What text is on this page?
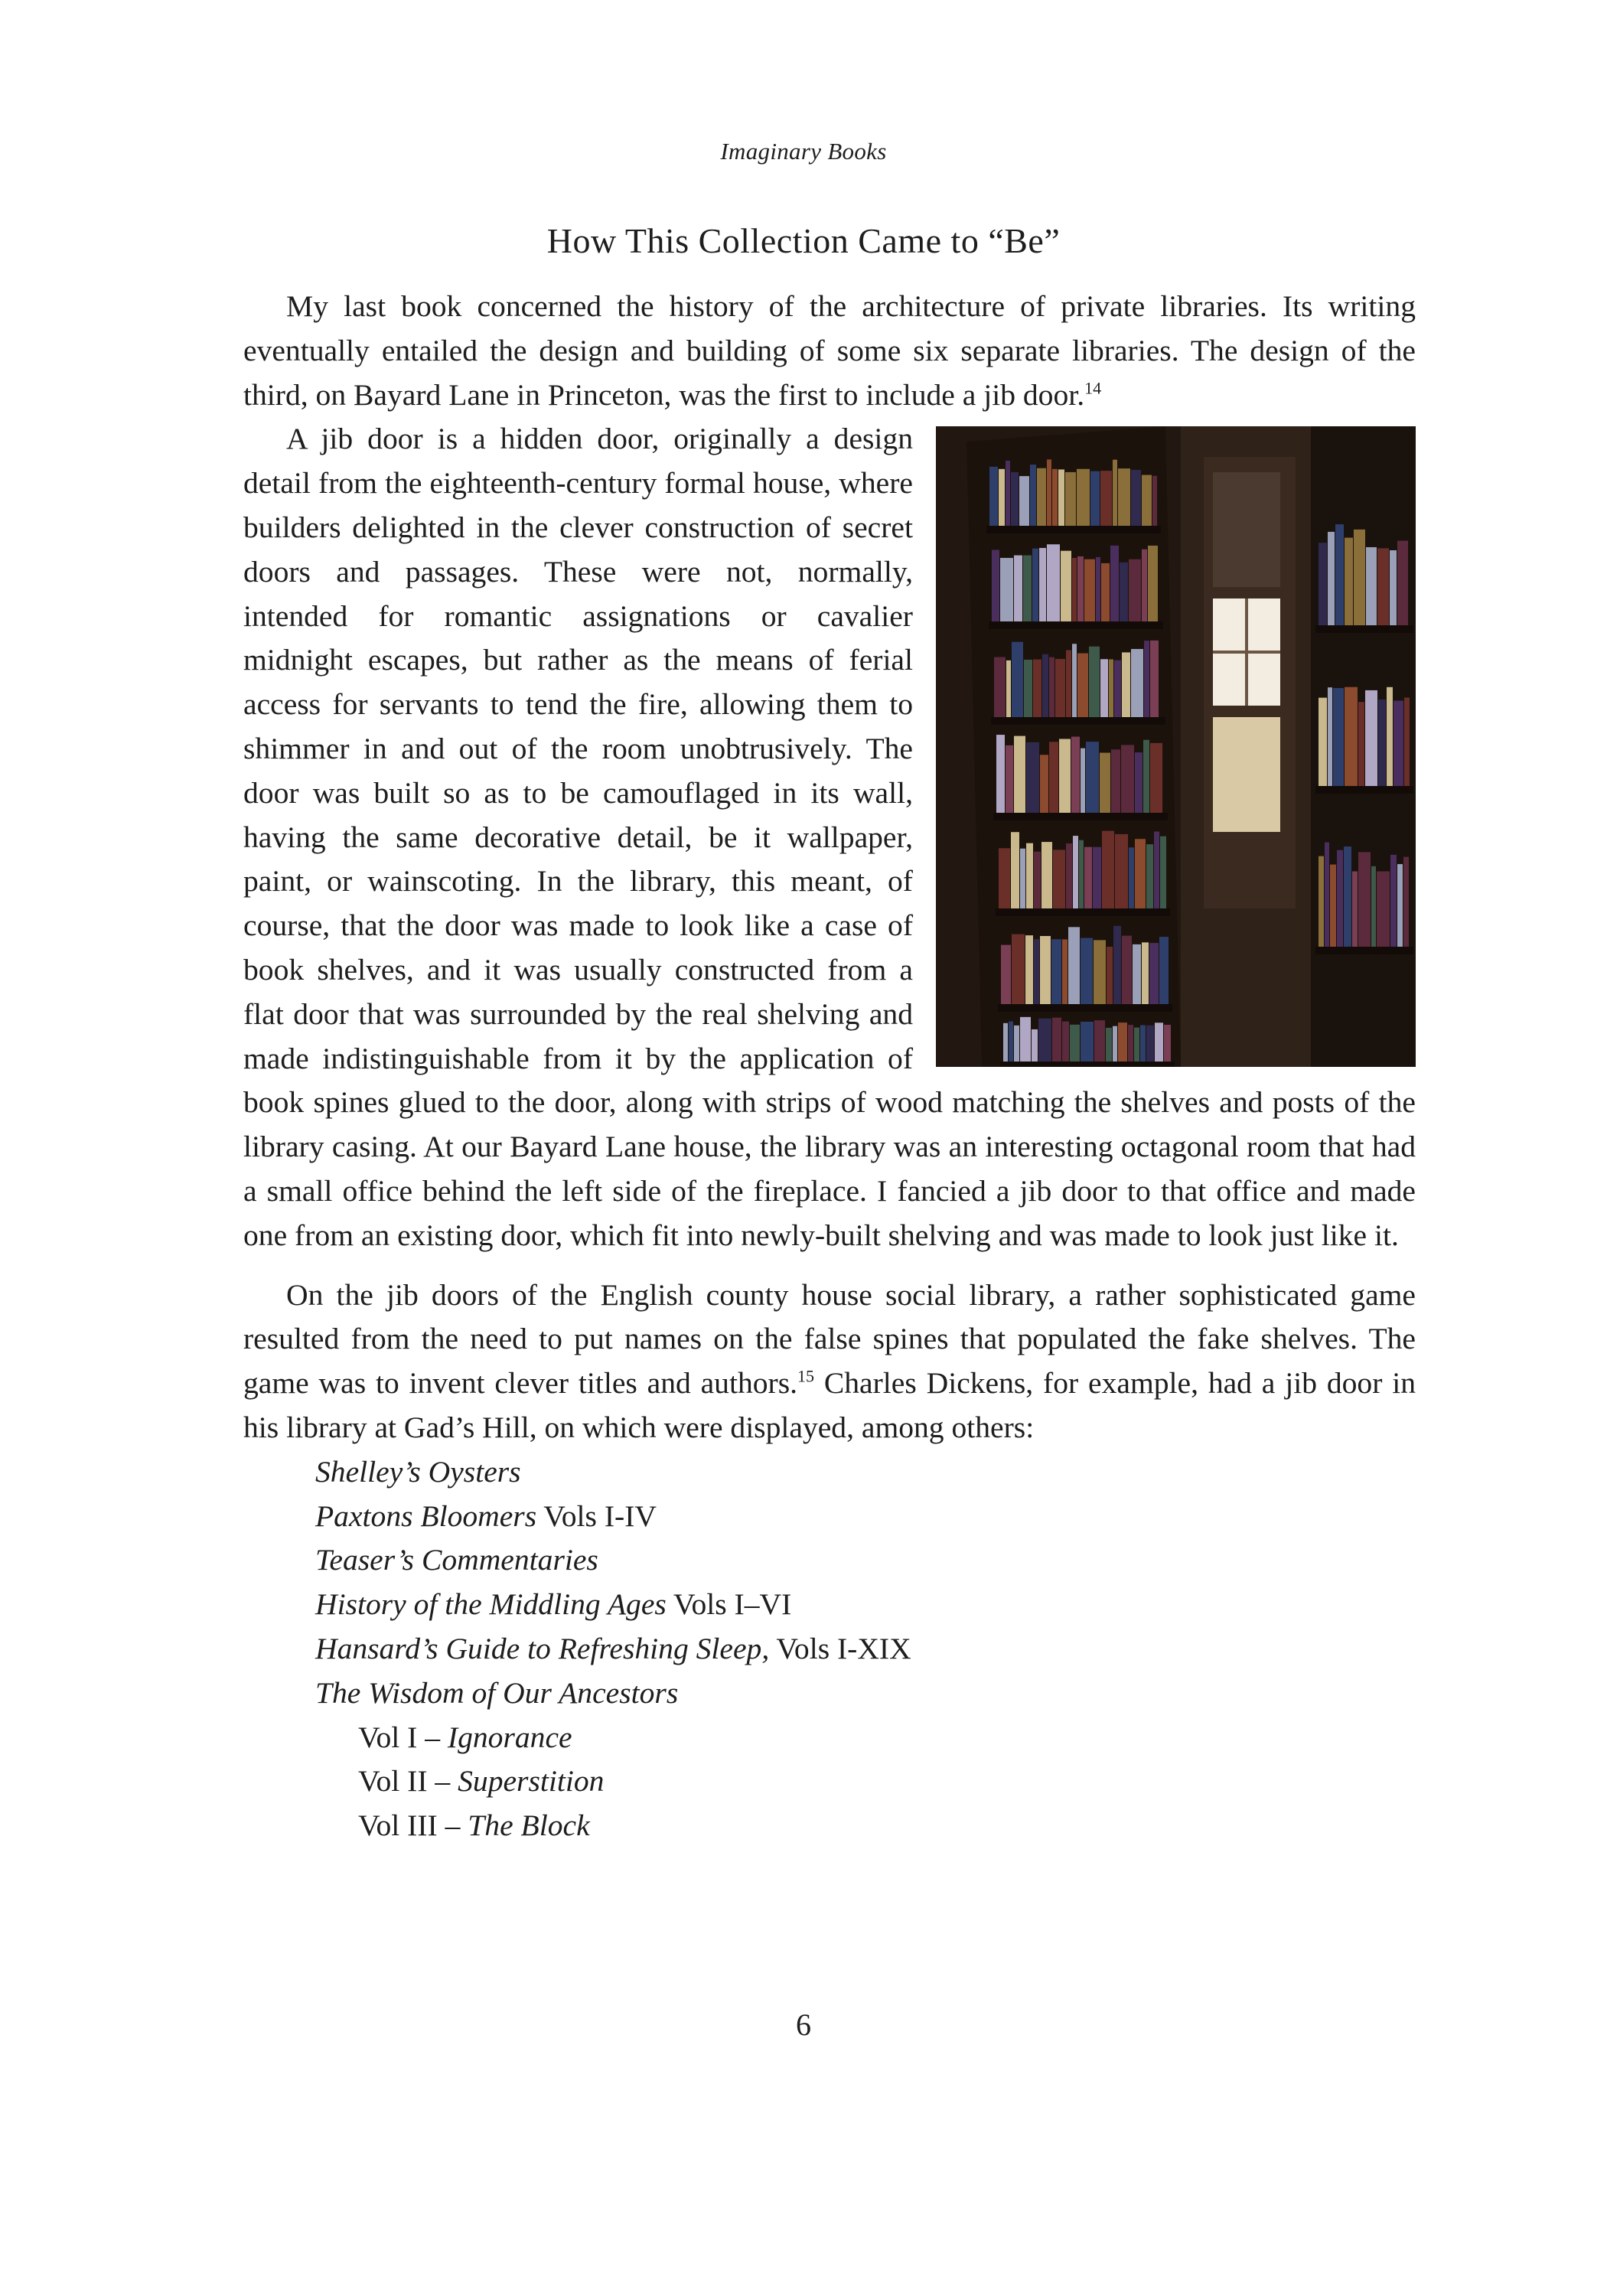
Imaginary Books
How This Collection Came to “Be”

My last book concerned the history of the architecture of private libraries. Its writing eventually entailed the design and building of some six separate libraries. The design of the third, on Bayard Lane in Princeton, was the first to include a jib door.$^{14}$

A jib door is a hidden door, originally a design detail from the eighteenth-century formal house, where builders delighted in the clever construction of secret doors and passages. These were not, normally, intended for romantic assignations or cavalier midnight escapes, but rather as the means of ferial access for servants to tend the fire, allowing them to shimmer in and out of the room unobtrusively. The door was built so as to be camouflaged in its wall, having the same decorative detail, be it wallpaper, paint, or wainscoting. In the library, this meant, of course, that the door was made to look like a case of book shelves, and it was usually constructed from a flat door that was surrounded by the real shelving and made indistinguishable from it by the application of book spines glued to the door, along with strips of wood matching the shelves and posts of the library casing. At our Bayard Lane house, the library was an interesting octagonal room that had a small office behind the left side of the fireplace. I fancied a jib door to that office and made one from an existing door, which fit into newly-built shelving and was made to look just like it.

On the jib doors of the English county house social library, a rather sophisticated game resulted from the need to put names on the false spines that populated the fake shelves. The game was to invent clever titles and authors.$^{15}$ Charles Dickens, for example, had a jib door in his library at Gad’s Hill, on which were displayed, among others:

Shelley’s Oysters
Paxtons Bloomers Vols I-IV
Teaser’s Commentaries
History of the Middling Ages Vols I–VI
Hansard’s Guide to Refreshing Sleep, Vols I-XIX
The Wisdom of Our Ancestors
Vol I – Ignorance
Vol II – Superstition
Vol III – The Block
6
